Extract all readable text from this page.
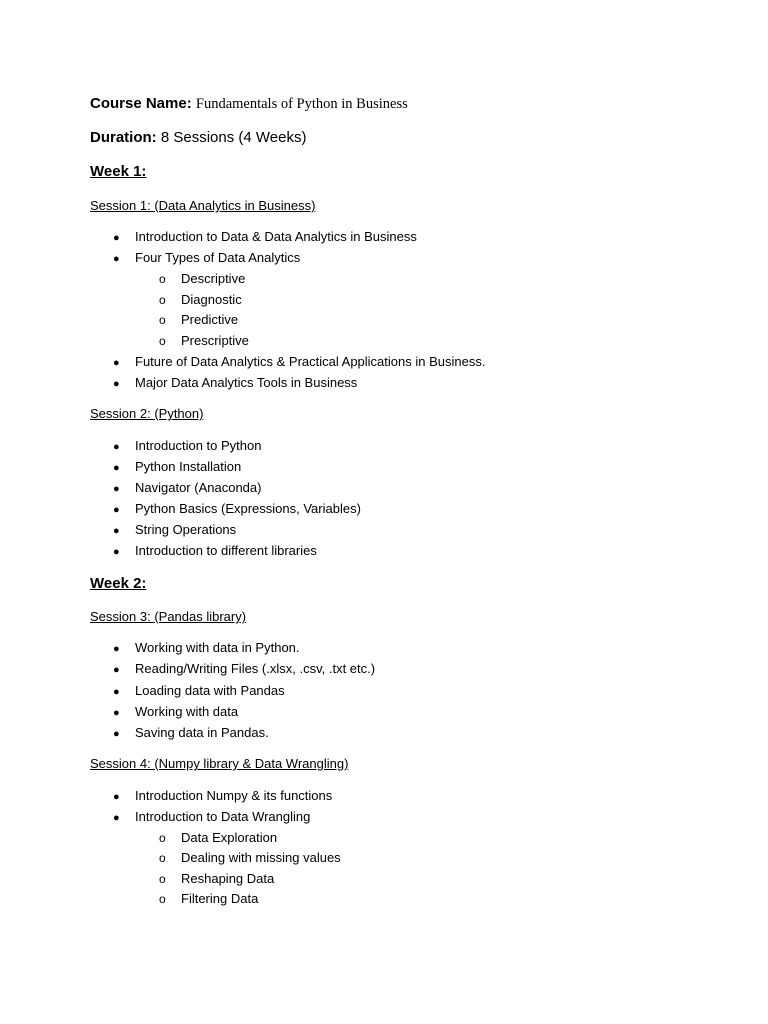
Course Name: Fundamentals of Python in Business
Duration: 8 Sessions (4 Weeks)
Week 1:
Session 1: (Data Analytics in Business)
● Introduction to Data & Data Analytics in Business
● Four Types of Data Analytics
o Descriptive
o Diagnostic
o Predictive
o Prescriptive
● Future of Data Analytics & Practical Applications in Business.
● Major Data Analytics Tools in Business
Session 2: (Python)
● Introduction to Python
● Python Installation
● Navigator (Anaconda)
● Python Basics (Expressions, Variables)
● String Operations
● Introduction to different libraries
Week 2:
Session 3: (Pandas library)
● Working with data in Python.
● Reading/Writing Files (.xlsx, .csv, .txt etc.)
● Loading data with Pandas
● Working with data
● Saving data in Pandas.
Session 4: (Numpy library & Data Wrangling)
● Introduction Numpy & its functions
● Introduction to Data Wrangling
o Data Exploration
o Dealing with missing values
o Reshaping Data
o Filtering Data
